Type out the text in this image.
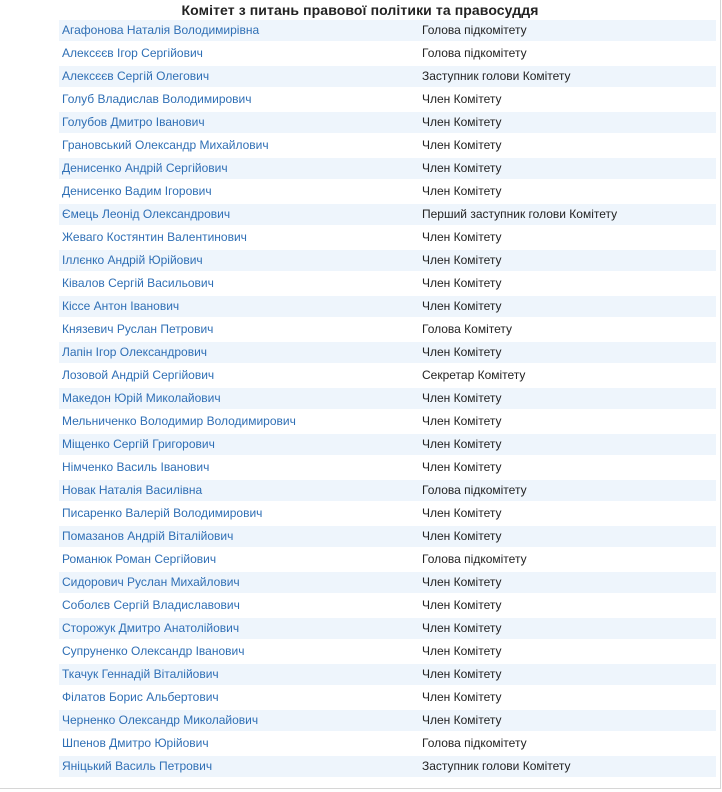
Комітет з питань правової політики та правосуддя
Агафонова Наталія Володимирівна	Голова підкомітету
Алексєєв Ігор Сергійович	Голова підкомітету
Алексєєв Сергій Олегович	Заступник голови Комітету
Голуб Владислав Володимирович	Член Комітету
Голубов Дмитро Іванович	Член Комітету
Грановський Олександр Михайлович	Член Комітету
Денисенко Андрій Сергійович	Член Комітету
Денисенко Вадим Ігорович	Член Комітету
Ємець Леонід Олександрович	Перший заступник голови Комітету
Жеваго Костянтин Валентинович	Член Комітету
Іллєнко Андрій Юрійович	Член Комітету
Ківалов Сергій Васильович	Член Комітету
Кіссе Антон Іванович	Член Комітету
Князевич Руслан Петрович	Голова Комітету
Лапін Ігор Олександрович	Член Комітету
Лозовой Андрій Сергійович	Секретар Комітету
Македон Юрій Миколайович	Член Комітету
Мельниченко Володимир Володимирович	Член Комітету
Міщенко Сергій Григорович	Член Комітету
Німченко Василь Іванович	Член Комітету
Новак Наталія Василівна	Голова підкомітету
Писаренко Валерій Володимирович	Член Комітету
Помазанов Андрій Віталійович	Член Комітету
Романюк Роман Сергійович	Голова підкомітету
Сидорович Руслан Михайлович	Член Комітету
Соболєв Сергій Владиславович	Член Комітету
Сторожук Дмитро Анатолійович	Член Комітету
Супруненко Олександр Іванович	Член Комітету
Ткачук Геннадій Віталійович	Член Комітету
Філатов Борис Альбертович	Член Комітету
Черненко Олександр Миколайович	Член Комітету
Шпенов Дмитро Юрійович	Голова підкомітету
Яніцький Василь Петрович	Заступник голови Комітету
